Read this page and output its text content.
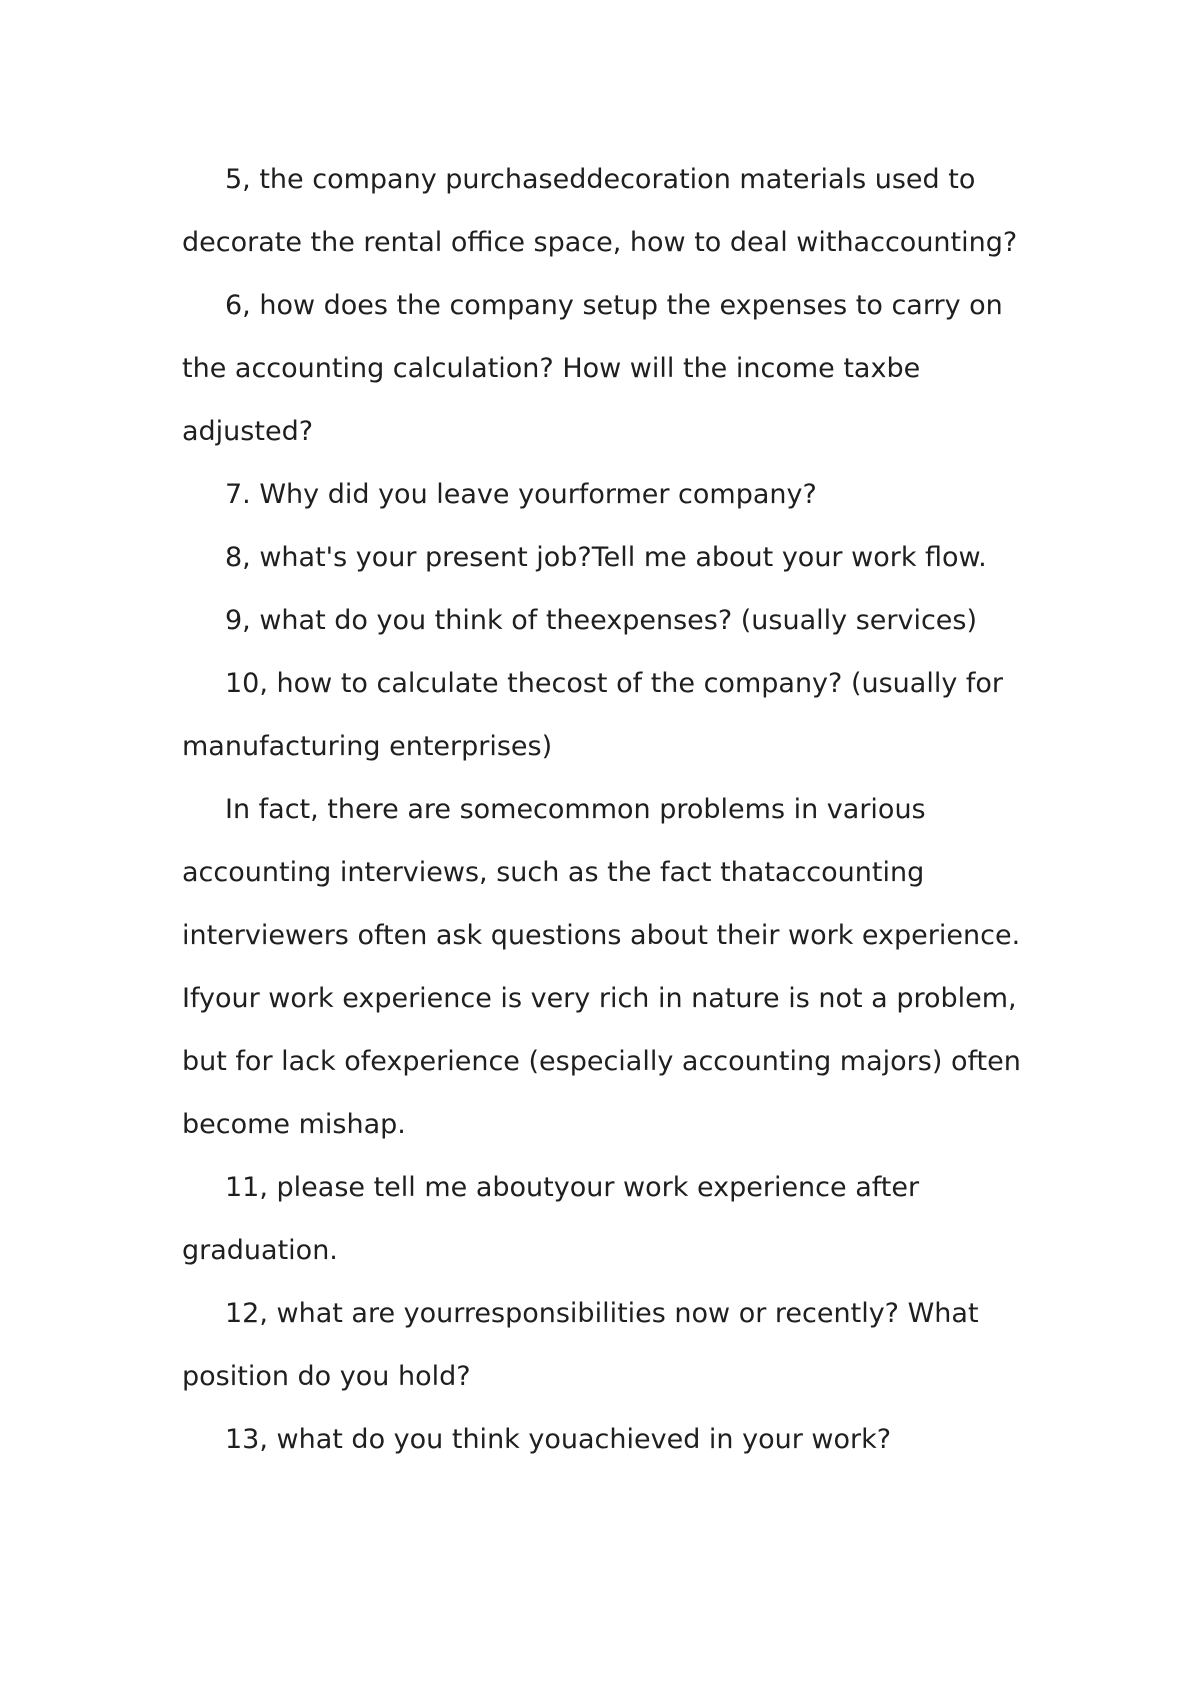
5, the company purchaseddecoration materials used to decorate the rental office space, how to deal withaccounting?

6, how does the company setup the expenses to carry on the accounting calculation? How will the income taxbe adjusted?

7. Why did you leave yourformer company?

8, what's your present job?Tell me about your work flow.

9, what do you think of theexpenses? (usually services)

10, how to calculate thecost of the company? (usually for manufacturing enterprises)

In fact, there are somecommon problems in various accounting interviews, such as the fact thataccounting interviewers often ask questions about their work experience. Ifyour work experience is very rich in nature is not a problem, but for lack ofexperience (especially accounting majors) often become mishap.

11, please tell me aboutyour work experience after graduation.

12, what are yourresponsibilities now or recently? What position do you hold?

13, what do you think youachieved in your work?
